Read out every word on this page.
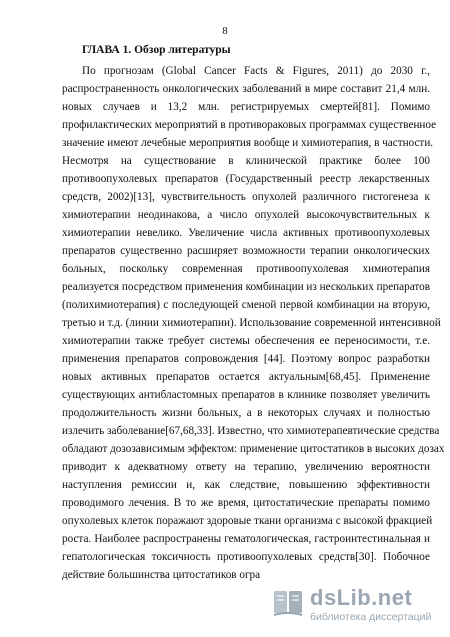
8
ГЛАВА 1. Обзор литературы
По прогнозам (Global Cancer Facts & Figures, 2011) до 2030 г.,
распространенность онкологических заболеваний в мире составит 21,4 млн.
новых случаев и 13,2 млн. регистрируемых смертей[81]. Помимо
профилактических мероприятий в противораковых программах существенное
значение имеют лечебные мероприятия вообще и химиотерапия, в частности.
Несмотря на существование в клинической практике более 100
противоопухолевых препаратов (Государственный реестр лекарственных
средств, 2002)[13], чувствительность опухолей различного гистогенеза к
химиотерапии неодинакова, а число опухолей высокочувствительных к
химиотерапии невелико. Увеличение числа активных противоопухолевых
препаратов существенно расширяет возможности терапии онкологических
больных, поскольку современная противоопухолевая химиотерапия
реализуется посредством применения комбинации из нескольких препаратов
(полихимиотерапия) с последующей сменой первой комбинации на вторую,
третью и т.д. (линии химиотерапии). Использование современной интенсивной
химиотерапии также требует системы обеспечения ее переносимости, т.е.
применения препаратов сопровождения [44]. Поэтому вопрос разработки
новых активных препаратов остается актуальным[68,45]. Применение
существующих антибластомных препаратов в клинике позволяет увеличить
продолжительность жизни больных, а в некоторых случаях и полностью
излечить заболевание[67,68,33]. Известно, что химиотерапевтические средства
обладают дозозависимым эффектом: применение цитостатиков в высоких дозах
приводит к адекватному ответу на терапию, увеличению вероятности
наступления ремиссии и, как следствие, повышению эффективности
проводимого лечения. В то же время, цитостатические препараты помимо
опухолевых клеток поражают здоровые ткани организма с высокой фракцией
роста. Наиболее распространены гематологическая, гастроинтестинальная и
гепатологическая токсичность противоопухолевых средств[30]. Побочное
действие большинства цитостатиков огра
dsLib.net
библиотека диссертаций
